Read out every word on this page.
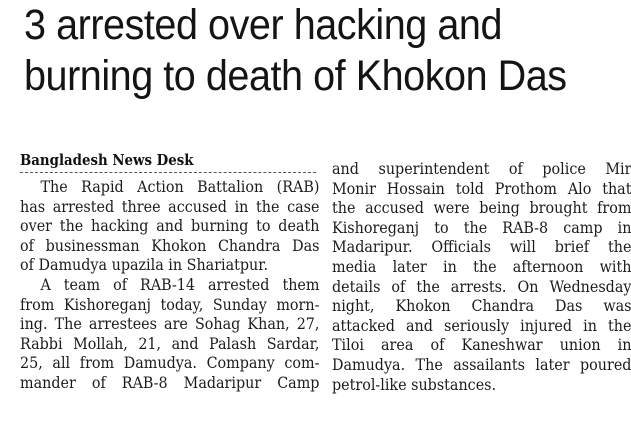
3 arrested over hacking and
burning to death of Khokon Das
Bangladesh News Desk
The Rapid Action Battalion (RAB)
has arrested three accused in the case
over the hacking and burning to death
of businessman Khokon Chandra Das
of Damudya upazila in Shariatpur.
A team of RAB-14 arrested them
from Kishoreganj today, Sunday morn-
ing. The arrestees are Sohag Khan, 27,
Rabbi Mollah, 21, and Palash Sardar,
25, all from Damudya. Company com-
mander of RAB-8 Madaripur Camp
and superintendent of police Mir
Monir Hossain told Prothom Alo that
the accused were being brought from
Kishoreganj to the RAB-8 camp in
Madaripur. Officials will brief the
media later in the afternoon with
details of the arrests. On Wednesday
night, Khokon Chandra Das was
attacked and seriously injured in the
Tiloi area of Kaneshwar union in
Damudya. The assailants later poured
petrol-like substances.
